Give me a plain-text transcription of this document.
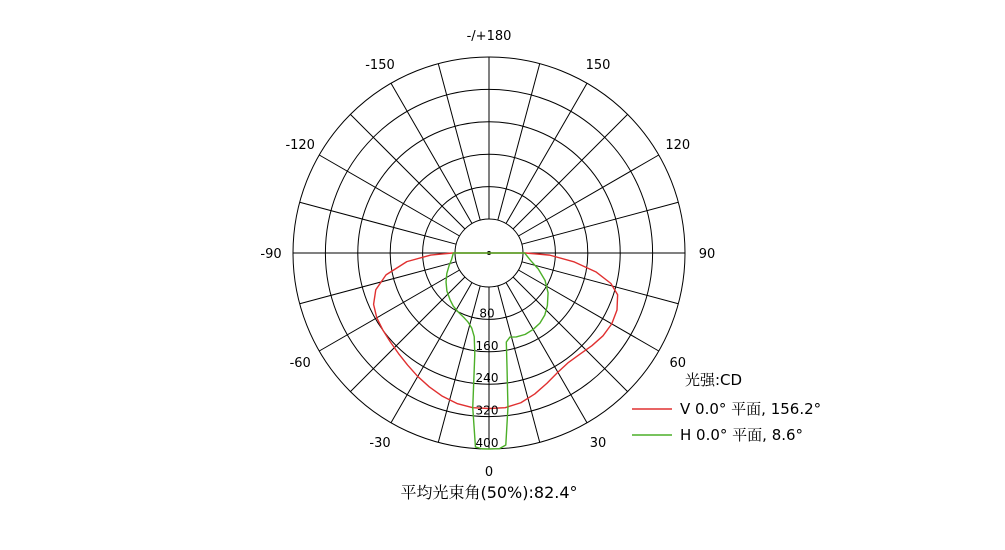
-/+180
-150	150
-120	120
-90	90
-60	60
-30	30
0
80
160
240
320
400
光强:CD
V 0.0° 平面, 156.2°
H 0.0° 平面, 8.6°
平均光束角(50%):82.4°
